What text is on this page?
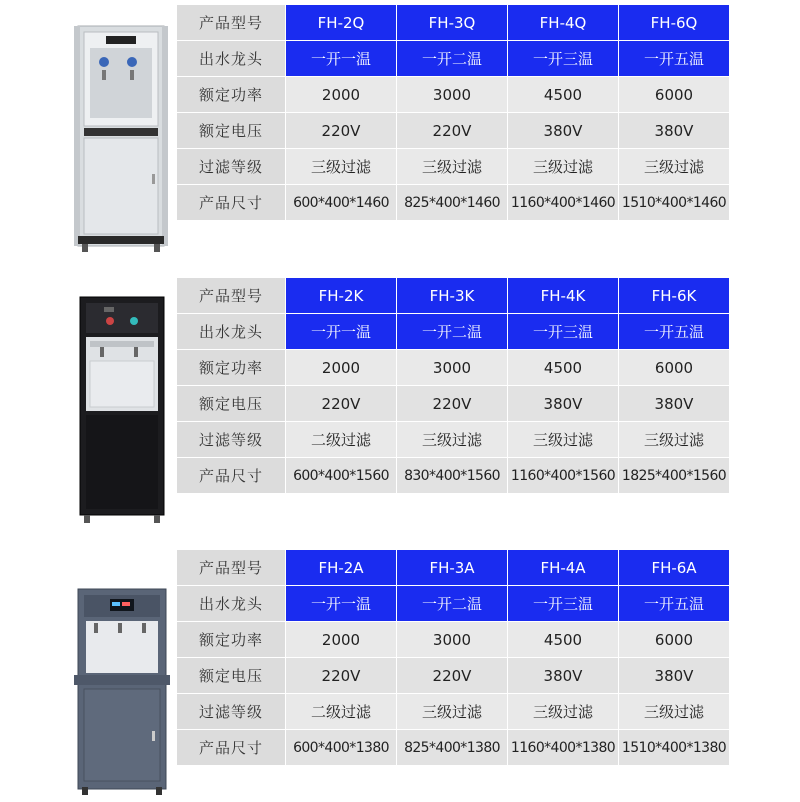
产品型号	FH-2Q	FH-3Q	FH-4Q	FH-6Q
出水龙头	一开一温	一开二温	一开三温	一开五温
额定功率	2000	3000	4500	6000
额定电压	220V	220V	380V	380V
过滤等级	三级过滤	三级过滤	三级过滤	三级过滤
产品尺寸	600*400*1460	825*400*1460	1160*400*1460	1510*400*1460
产品型号	FH-2K	FH-3K	FH-4K	FH-6K
出水龙头	一开一温	一开二温	一开三温	一开五温
额定功率	2000	3000	4500	6000
额定电压	220V	220V	380V	380V
过滤等级	二级过滤	三级过滤	三级过滤	三级过滤
产品尺寸	600*400*1560	830*400*1560	1160*400*1560	1825*400*1560
产品型号	FH-2A	FH-3A	FH-4A	FH-6A
出水龙头	一开一温	一开二温	一开三温	一开五温
额定功率	2000	3000	4500	6000
额定电压	220V	220V	380V	380V
过滤等级	二级过滤	三级过滤	三级过滤	三级过滤
产品尺寸	600*400*1380	825*400*1380	1160*400*1380	1510*400*1380
